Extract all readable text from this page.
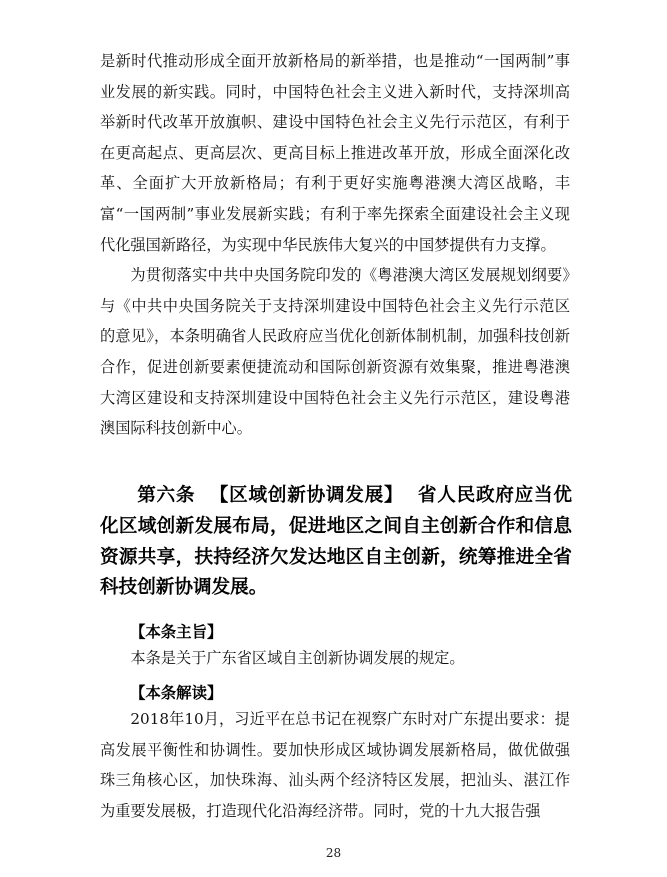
是新时代推动形成全面开放新格局的新举措，也是推动“一国两制”事业发展的新实践。同时，中国特色社会主义进入新时代，支持深圳高举新时代改革开放旗帜、建设中国特色社会主义先行示范区，有利于在更高起点、更高层次、更高目标上推进改革开放，形成全面深化改革、全面扩大开放新格局；有利于更好实施粤港澳大湾区战略，丰富“一国两制”事业发展新实践；有利于率先探索全面建设社会主义现代化强国新路径，为实现中华民族伟大复兴的中国梦提供有力支撑。

为贯彻落实中共中央国务院印发的《粤港澳大湾区发展规划纲要》与《中共中央国务院关于支持深圳建设中国特色社会主义先行示范区的意见》，本条明确省人民政府应当优化创新体制机制，加强科技创新合作，促进创新要素便捷流动和国际创新资源有效集聚，推进粤港澳大湾区建设和支持深圳建设中国特色社会主义先行示范区，建设粤港澳国际科技创新中心。

第六条 【区域创新协调发展】 省人民政府应当优化区域创新发展布局，促进地区之间自主创新合作和信息资源共享，扶持经济欠发达地区自主创新，统筹推进全省科技创新协调发展。

【本条主旨】

本条是关于广东省区域自主创新协调发展的规定。

【本条解读】

2018年10月，习近平在总书记在视察广东时对广东提出要求：提高发展平衡性和协调性。要加快形成区域协调发展新格局，做优做强珠三角核心区，加快珠海、汕头两个经济特区发展，把汕头、湛江作为重要发展极，打造现代化沿海经济带。同时，党的十九大报告强

28
